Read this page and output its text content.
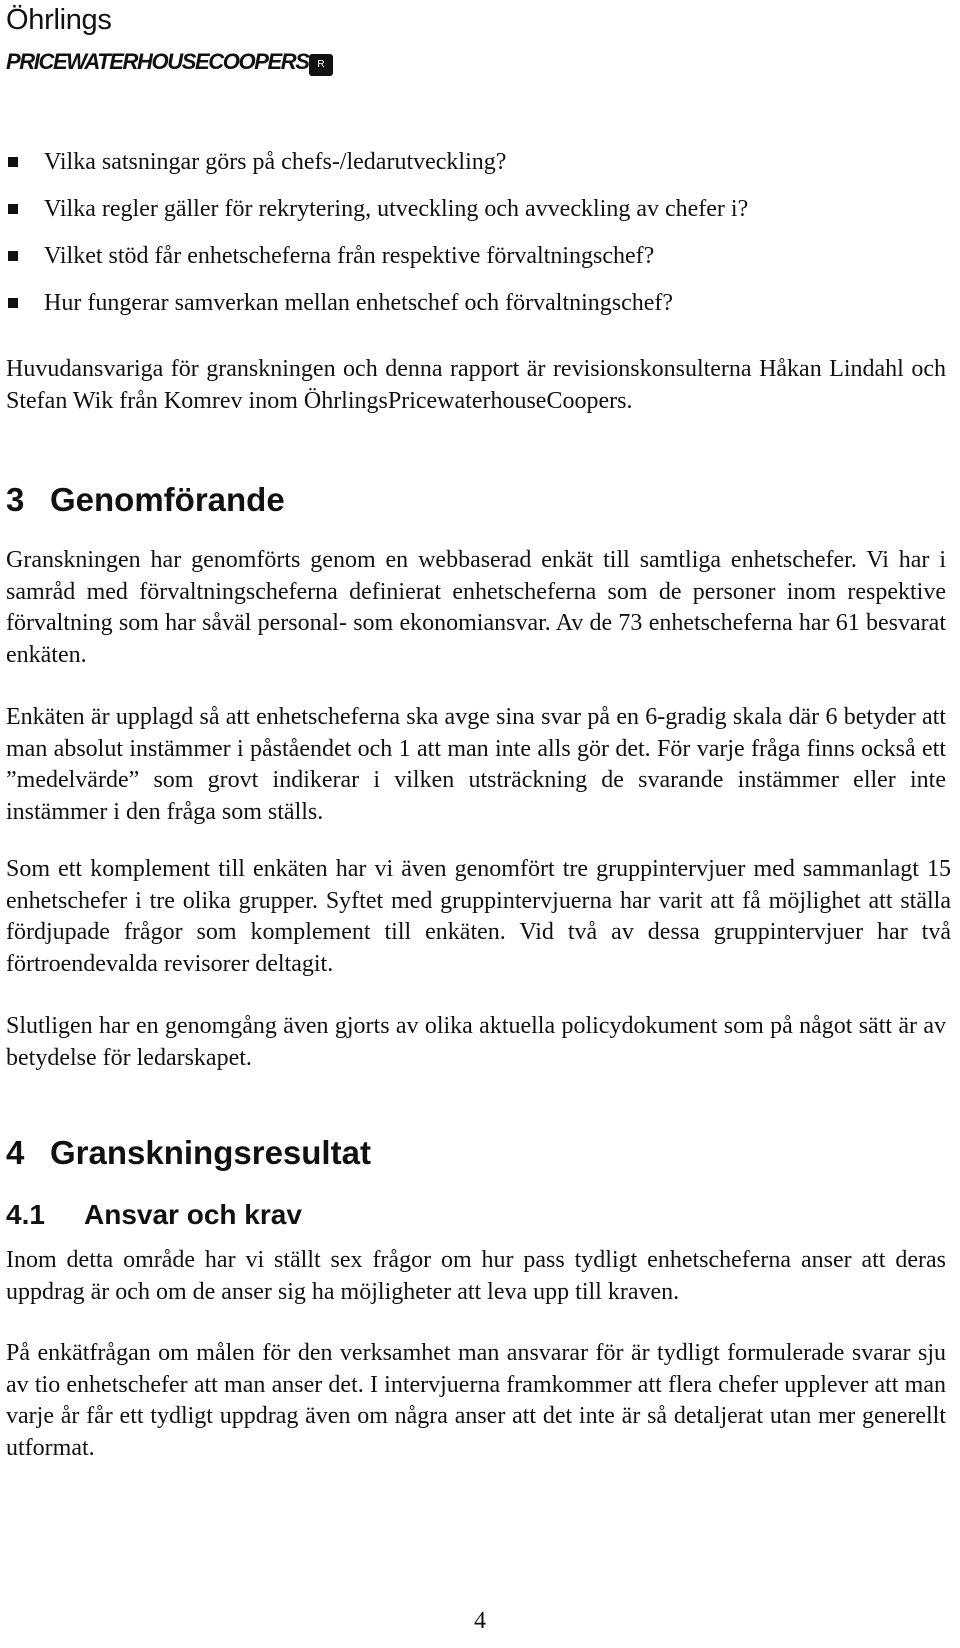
Öhrlings
PRICEWATERHOUSECOOPERS R
Vilka satsningar görs på chefs-/ledarutveckling?
Vilka regler gäller för rekrytering, utveckling och avveckling av chefer i?
Vilket stöd får enhetscheferna från respektive förvaltningschef?
Hur fungerar samverkan mellan enhetschef och förvaltningschef?

Huvudansvariga för granskningen och denna rapport är revisionskonsulterna Håkan Lindahl och Stefan Wik från Komrev inom ÖhrlingsPricewaterhouseCoopers.

3 Genomförande

Granskningen har genomförts genom en webbaserad enkät till samtliga enhetschefer. Vi har i samråd med förvaltningscheferna definierat enhetscheferna som de personer inom respektive förvaltning som har såväl personal- som ekonomiansvar. Av de 73 enhetscheferna har 61 besvarat enkäten.

Enkäten är upplagd så att enhetscheferna ska avge sina svar på en 6-gradig skala där 6 betyder att man absolut instämmer i påståendet och 1 att man inte alls gör det. För varje fråga finns också ett ”medelvärde” som grovt indikerar i vilken utsträckning de svarande instämmer eller inte instämmer i den fråga som ställs.

Som ett komplement till enkäten har vi även genomfört tre gruppintervjuer med sammanlagt 15 enhetschefer i tre olika grupper. Syftet med gruppintervjuerna har varit att få möjlighet att ställa fördjupade frågor som komplement till enkäten. Vid två av dessa gruppintervjuer har två förtroendevalda revisorer deltagit.

Slutligen har en genomgång även gjorts av olika aktuella policydokument som på något sätt är av betydelse för ledarskapet.

4 Granskningsresultat
4.1 Ansvar och krav

Inom detta område har vi ställt sex frågor om hur pass tydligt enhetscheferna anser att deras uppdrag är och om de anser sig ha möjligheter att leva upp till kraven.

På enkätfrågan om målen för den verksamhet man ansvarar för är tydligt formulerade svarar sju av tio enhetschefer att man anser det. I intervjuerna framkommer att flera chefer upplever att man varje år får ett tydligt uppdrag även om några anser att det inte är så detaljerat utan mer generellt utformat.

4
